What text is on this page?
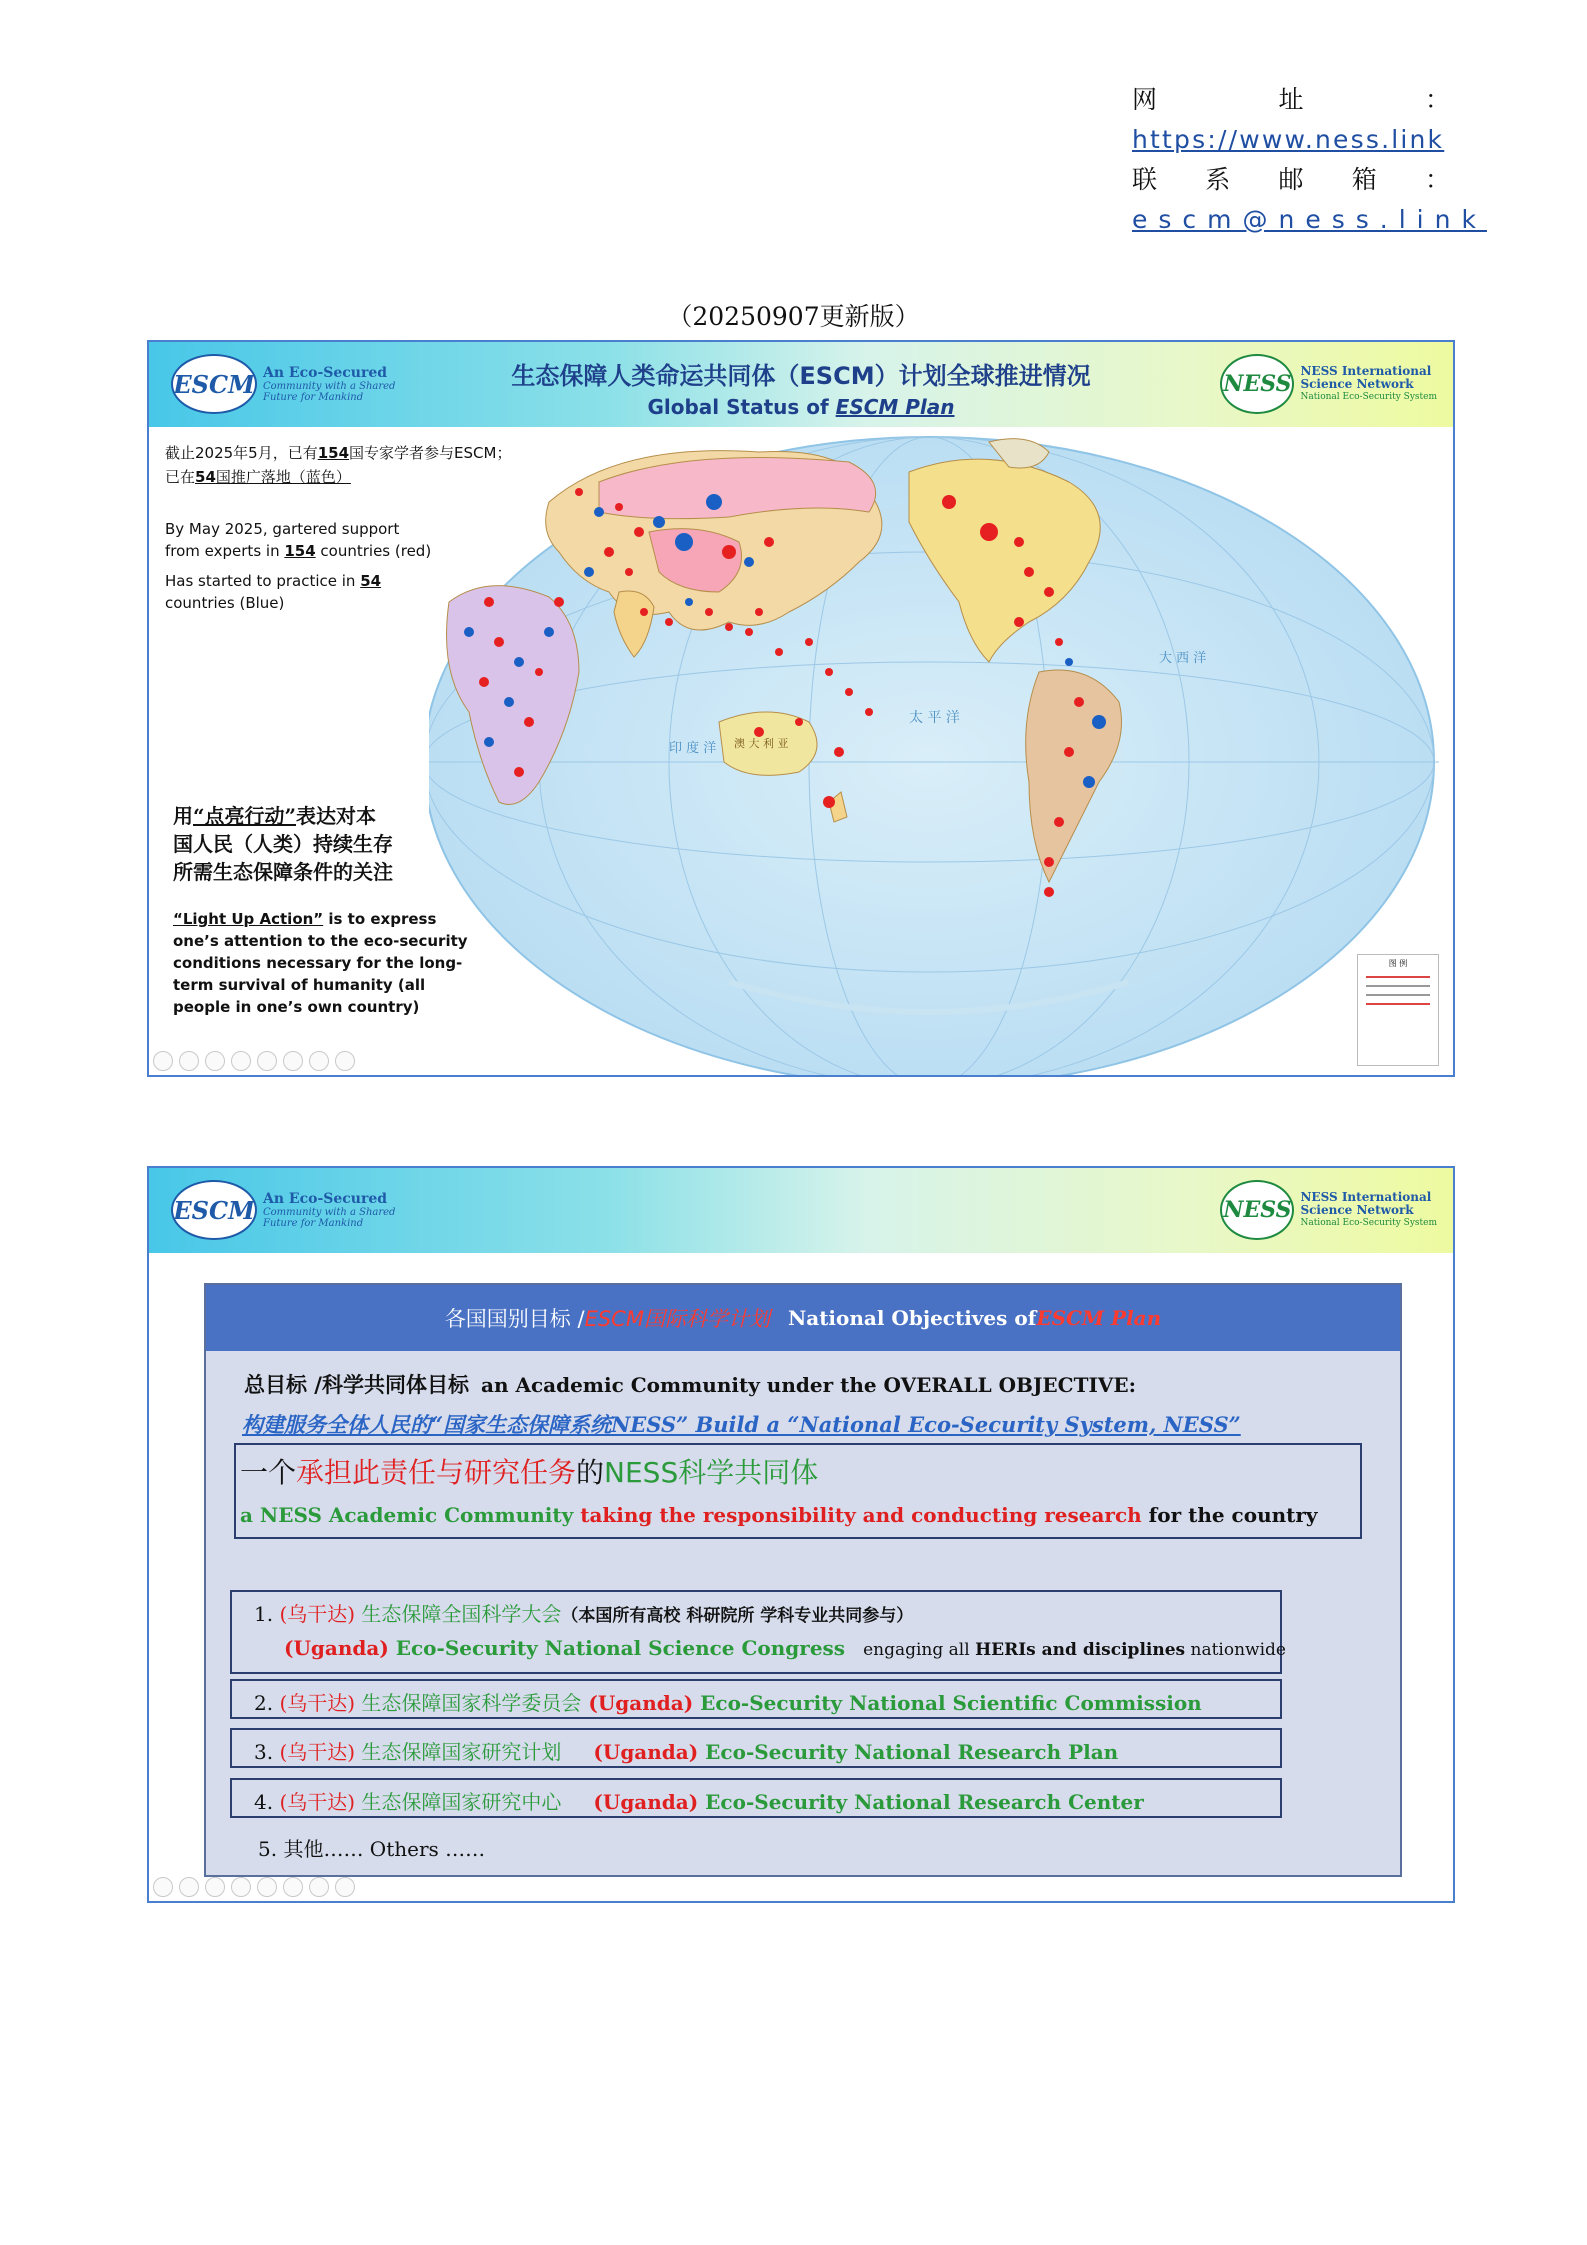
网	址	：
https://www.ness.link
联 系 邮 箱 ：
escm@ness.link
（20250907更新版）
ESCM An Eco-Secured
Community with a Shared
Future for Mankind
生态保障人类命运共同体（ESCM）计划全球推进情况
Global Status of ESCM Plan
NESS
NESS International
Science Network
National Eco-Security System
太 平 洋
印 度 洋
大 西 洋
澳 大 利 亚
图 例
截止2025年5月，已有154国专家学者参与ESCM；
已在54国推广落地（蓝色）
By May 2025, gartered support
from experts in 154 countries (red)
Has started to practice in 54
countries (Blue)
用“点亮行动”表达对本
国人民（人类）持续生存
所需生态保障条件的关注
“Light Up Action” is to express one’s attention to the eco-security conditions necessary for the long-term survival of humanity (all people in one’s own country)
ESCM An Eco-Secured
Community with a Shared
Future for Mankind
NESS
NESS International
Science Network
National Eco-Security System
各国国别目标 / ESCM国际科学计划 National Objectives of ESCM Plan
总目标 /科学共同体目标 an Academic Community under the OVERALL OBJECTIVE:
构建服务全体人民的“国家生态保障系统NESS” Build a “National Eco-Security System, NESS”
一个承担此责任与研究任务的NESS科学共同体
a NESS Academic Community taking the responsibility and conducting research for the country
1. (乌干达) 生态保障全国科学大会（本国所有高校 科研院所 学科专业共同参与）
(Uganda) Eco-Security National Science Congress engaging all HERIs and disciplines nationwide
2. (乌干达) 生态保障国家科学委员会 (Uganda) Eco-Security National Scientific Commission
3. (乌干达) 生态保障国家研究计划 (Uganda) Eco-Security National Research Plan
4. (乌干达) 生态保障国家研究中心 (Uganda) Eco-Security National Research Center
5. 其他…… Others ……
